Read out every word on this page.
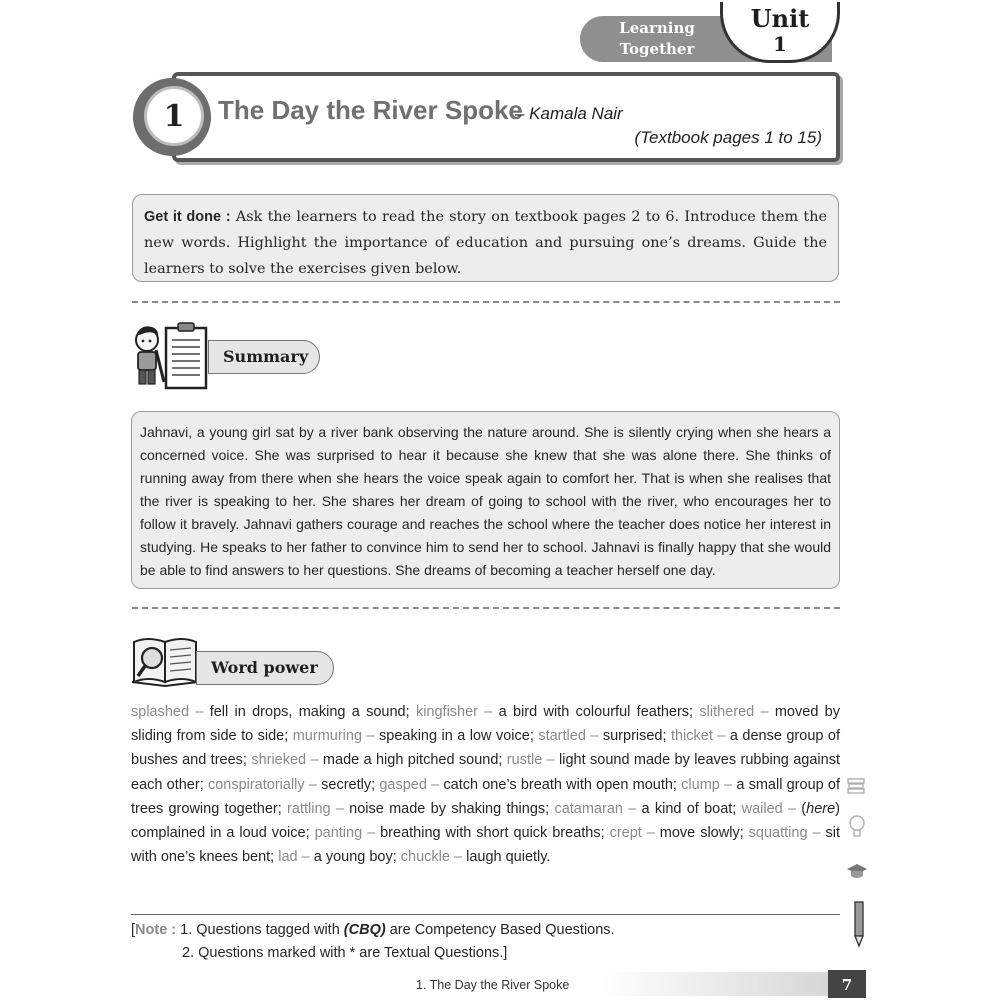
Learning
Together
Unit
1
1	The Day the River Spoke
– Kamala Nair
(Textbook pages 1 to 15)
Get it done : Ask the learners to read the story on textbook pages 2 to 6. Introduce them the new words. Highlight the importance of education and pursuing one’s dreams. Guide the learners to solve the exercises given below.
Summary
Jahnavi, a young girl sat by a river bank observing the nature around. She is silently crying when she hears a concerned voice. She was surprised to hear it because she knew that she was alone there. She thinks of running away from there when she hears the voice speak again to comfort her. That is when she realises that the river is speaking to her. She shares her dream of going to school with the river, who encourages her to follow it bravely. Jahnavi gathers courage and reaches the school where the teacher does notice her interest in studying. He speaks to her father to convince him to send her to school. Jahnavi is finally happy that she would be able to find answers to her questions. She dreams of becoming a teacher herself one day.
Word power
splashed – fell in drops, making a sound; kingfisher – a bird with colourful feathers; slithered – moved by sliding from side to side; murmuring – speaking in a low voice; startled – surprised; thicket – a dense group of bushes and trees; shrieked – made a high pitched sound; rustle – light sound made by leaves rubbing against each other; conspiratorially – secretly; gasped – catch one’s breath with open mouth; clump – a small group of trees growing together; rattling – noise made by shaking things; catamaran – a kind of boat; wailed – (here) complained in a loud voice; panting – breathing with short quick breaths; crept – move slowly; squatting – sit with one’s knees bent; lad – a young boy; chuckle – laugh quietly.
[Note : 1. Questions tagged with (CBQ) are Competency Based Questions.
2. Questions marked with * are Textual Questions.]
1. The Day the River Spoke	7
